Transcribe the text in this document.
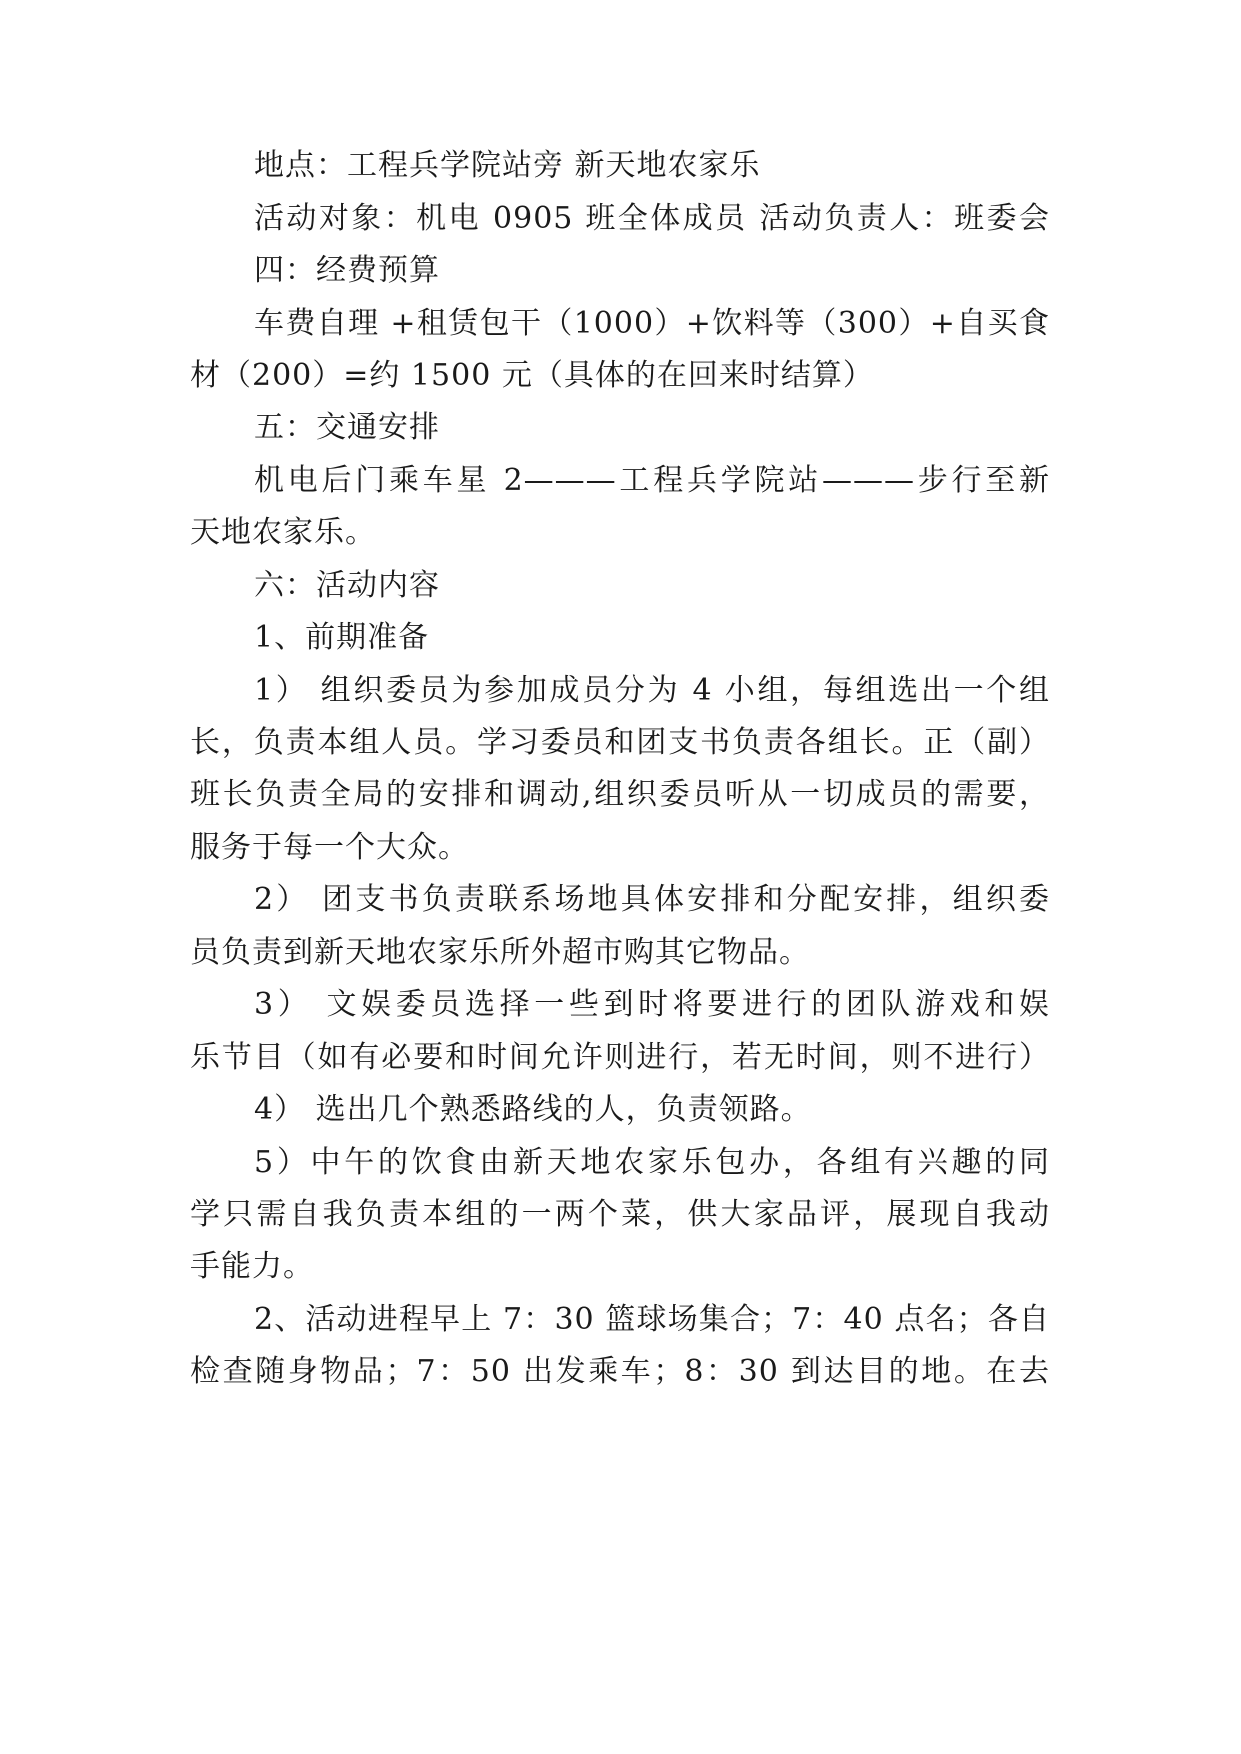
地点：工程兵学院站旁 新天地农家乐
活动对象：机电 0905 班全体成员 活动负责人：班委会
四：经费预算
车费自理 +租赁包干（1000）+饮料等（300）+自买食
材（200）=约 1500 元（具体的在回来时结算）
五：交通安排
机电后门乘车星 2———工程兵学院站———步行至新
天地农家乐。
六：活动内容
1、前期准备
1） 组织委员为参加成员分为 4 小组，每组选出一个组
长，负责本组人员。学习委员和团支书负责各组长。正（副）
班长负责全局的安排和调动,组织委员听从一切成员的需要，
服务于每一个大众。
2） 团支书负责联系场地具体安排和分配安排，组织委
员负责到新天地农家乐所外超市购其它物品。
3） 文娱委员选择一些到时将要进行的团队游戏和娱
乐节目（如有必要和时间允许则进行，若无时间，则不进行）
4） 选出几个熟悉路线的人，负责领路。
5）中午的饮食由新天地农家乐包办，各组有兴趣的同
学只需自我负责本组的一两个菜，供大家品评，展现自我动
手能力。
2、活动进程早上 7：30 篮球场集合；7：40 点名；各自
检查随身物品；7：50 出发乘车；8：30 到达目的地。在去
